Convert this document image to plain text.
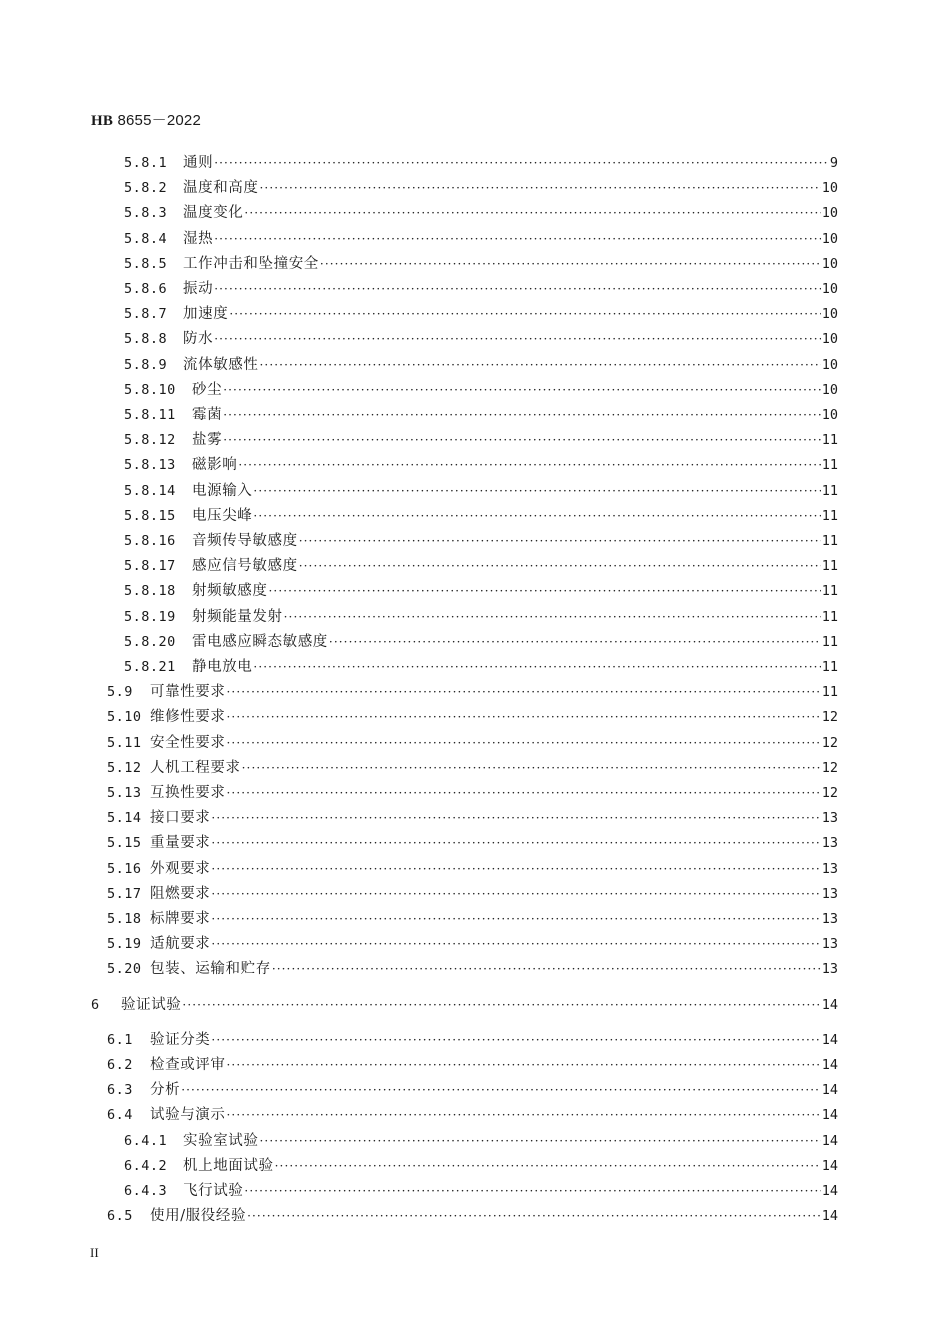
HB 8655－2022
5.8.1	通则 ·····	9
5.8.2	温度和高度 ·····	10
5.8.3	温度变化 ·····	10
5.8.4	湿热 ·····	10
5.8.5	工作冲击和坠撞安全 ·····	10
5.8.6	振动 ·····	10
5.8.7	加速度 ·····	10
5.8.8	防水 ·····	10
5.8.9	流体敏感性 ·····	10
5.8.10	砂尘 ·····	10
5.8.11	霉菌 ·····	10
5.8.12	盐雾 ·····	11
5.8.13	磁影响 ·····	11
5.8.14	电源输入 ·····	11
5.8.15	电压尖峰 ·····	11
5.8.16	音频传导敏感度 ·····	11
5.8.17	感应信号敏感度 ·····	11
5.8.18	射频敏感度 ·····	11
5.8.19	射频能量发射 ·····	11
5.8.20	雷电感应瞬态敏感度 ·····	11
5.8.21	静电放电 ·····	11
5.9	可靠性要求 ·····	11
5.10 维修性要求 ·····	12
5.11 安全性要求 ·····	12
5.12 人机工程要求 ·····	12
5.13 互换性要求 ·····	12
5.14 接口要求 ·····	13
5.15 重量要求 ·····	13
5.16 外观要求 ·····	13
5.17 阻燃要求 ·····	13
5.18 标牌要求 ·····	13
5.19 适航要求 ·····	13
5.20 包装、运输和贮存 ·····	13
6	验证试验 ·····	14
6.1	验证分类 ·····	14
6.2	检查或评审 ·····	14
6.3	分析 ·····	14
6.4	试验与演示 ·····	14
6.4.1	实验室试验 ·····	14
6.4.2	机上地面试验 ·····	14
6.4.3	飞行试验 ·····	14
6.5	使用/服役经验 ·····	14
II
